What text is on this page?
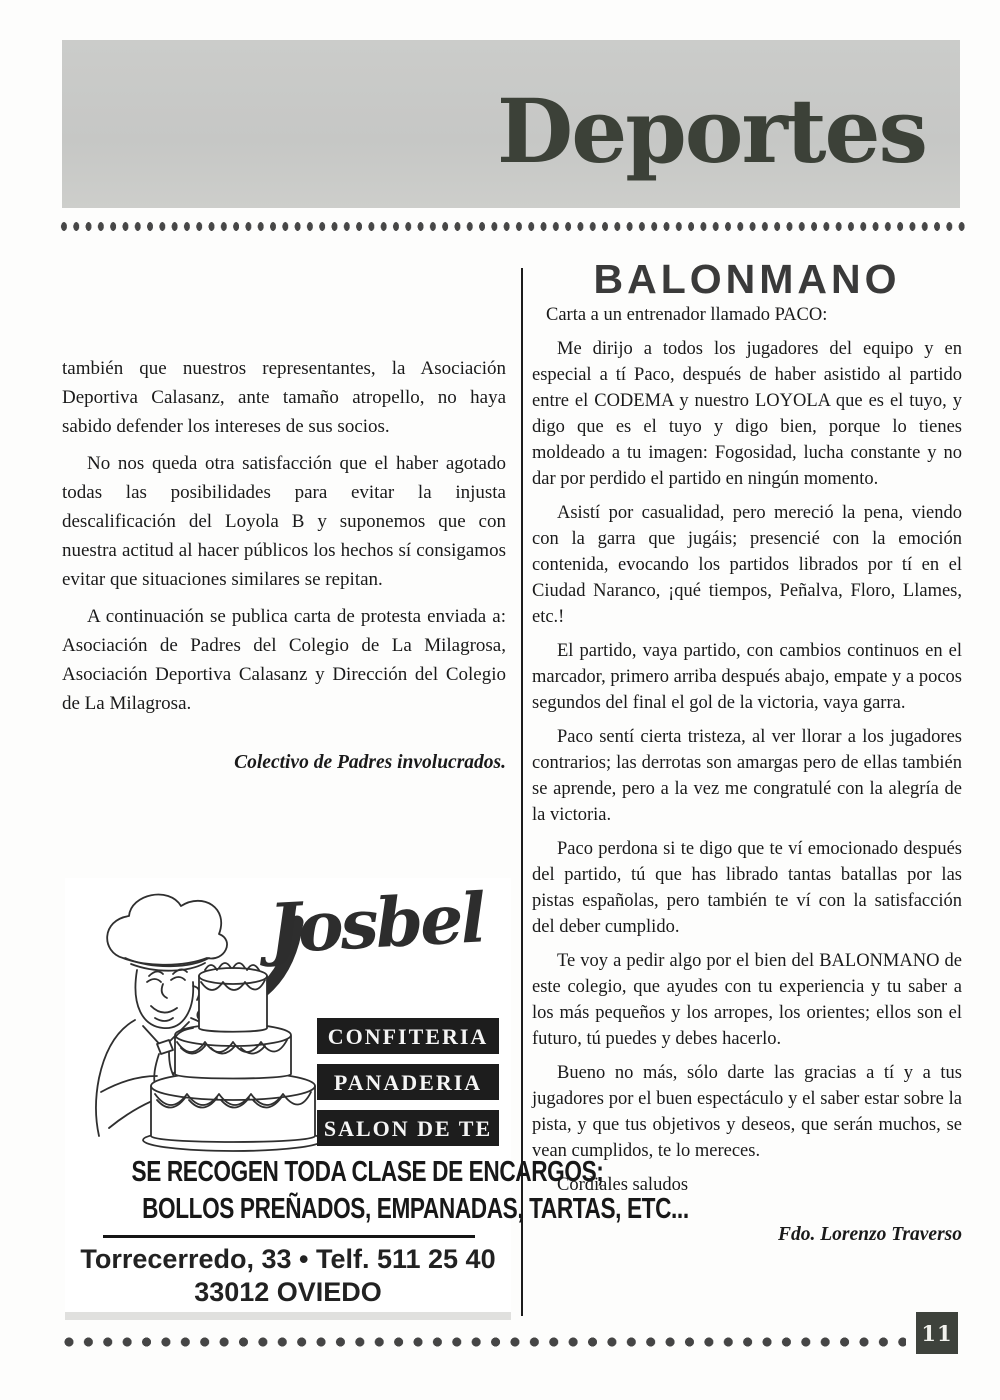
Deportes

también que nuestros representantes, la Asociación Deportiva Calasanz, ante tamaño atropello, no haya sabido defender los intereses de sus socios.

No nos queda otra satisfacción que el haber agotado todas las posibilidades para evitar la injusta descalificación del Loyola B y suponemos que con nuestra actitud al hacer públicos los hechos sí consigamos evitar que situaciones similares se repitan.

A continuación se publica carta de protesta enviada a: Asociación de Padres del Colegio de La Milagrosa, Asociación Deportiva Calasanz y Dirección del Colegio de La Milagrosa.

Colectivo de Padres involucrados.

Josbel
CONFITERIA
PANADERIA
SALON DE TE
SE RECOGEN TODA CLASE DE ENCARGOS;
BOLLOS PREÑADOS, EMPANADAS, TARTAS, ETC...
Torrecerredo, 33 • Telf. 511 25 40
33012 OVIEDO
BALONMANO

Carta a un entrenador llamado PACO:

Me dirijo a todos los jugadores del equipo y en especial a tí Paco, después de haber asistido al partido entre el CODEMA y nuestro LOYOLA que es el tuyo, y digo que es el tuyo y digo bien, porque lo tienes moldeado a tu imagen: Fogosidad, lucha constante y no dar por perdido el partido en ningún momento.

Asistí por casualidad, pero mereció la pena, viendo con la garra que jugáis; presencié con la emoción contenida, evocando los partidos librados por tí en el Ciudad Naranco, ¡qué tiempos, Peñalva, Floro, Llames, etc.!

El partido, vaya partido, con cambios continuos en el marcador, primero arriba después abajo, empate y a pocos segundos del final el gol de la victoria, vaya garra.

Paco sentí cierta tristeza, al ver llorar a los jugadores contrarios; las derrotas son amargas pero de ellas también se aprende, pero a la vez me congratulé con la alegría de la victoria.

Paco perdona si te digo que te ví emocionado después del partido, tú que has librado tantas batallas por las pistas españolas, pero también te ví con la satisfacción del deber cumplido.

Te voy a pedir algo por el bien del BALONMANO de este colegio, que ayudes con tu experiencia y tu saber a los más pequeños y los arropes, los orientes; ellos son el futuro, tú puedes y debes hacerlo.

Bueno no más, sólo darte las gracias a tí y a tus jugadores por el buen espectáculo y el saber estar sobre la pista, y que tus objetivos y deseos, que serán muchos, se vean cumplidos, te lo mereces.

Cordiales saludos

Fdo. Lorenzo Traverso

11
